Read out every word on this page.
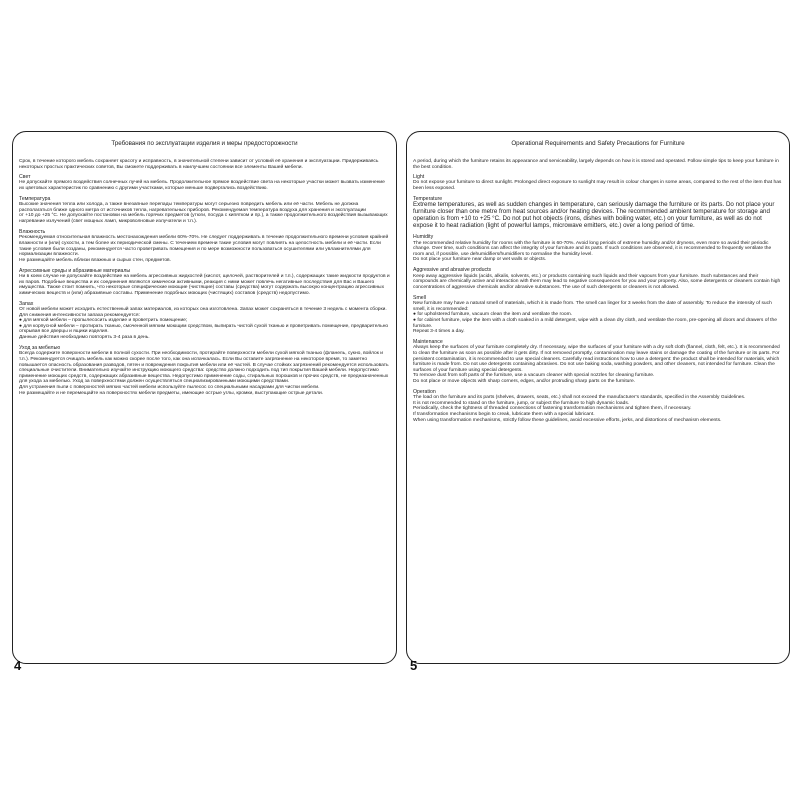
Требования по эксплуатации изделия и меры предосторожности
Срок, в течение которого мебель сохраняет красоту и исправность, в значительной степени зависит от условий её хранения и эксплуатации. Придерживаясь некоторых простых практических советов, Вы сможете поддерживать в наилучшем состоянии все элементы Вашей мебели.
Свет
Не допускайте прямого воздействия солнечных лучей на мебель. Продолжительное прямое воздействие света на некоторые участки может вызвать изменение их цветовых характеристик по сравнению с другими участками, которые меньше подвергались воздействию.
Температура
Высокие значения тепла или холода, а также внезапные перепады температуры могут серьезно повредить мебель или её части. Мебель не должна располагаться ближе одного метра от источников тепла, нагревательных приборов. Рекомендуемая температура воздуха для хранения и эксплуатации
от +10 до +25 °С. Не допускайте постановки на мебель горячих предметов (утюги, посуда с кипятком и пр.), а также продолжительного воздействия вызывающих нагревание излучений (свет мощных ламп, микроволновые излучатели и т.п.).
Влажность
Рекомендуемая относительная влажность местонахождения мебели 60%-70%. Не следует поддерживать в течение продолжительного времени условия крайней влажности и (или) сухости, а тем более их периодической смены. С течением времени такие условия могут повлиять на целостность мебели и её части. Если такие условия были созданы, рекомендуется часто проветривать помещения и по мере возможности пользоваться осушителями или увлажнителями для нормализации влажности.
Не размещайте мебель вблизи влажных и сырых стен, предметов.
Агрессивные среды и абразивные материалы
Ни в коем случае не допускайте воздействие на мебель агрессивных жидкостей (кислот, щелочей, растворителей и т.п.), содержащих такие жидкости продуктов и их паров. Подобные вещества и их соединения являются химически активными, реакция с ними может повлечь негативные последствия для Вас и Вашего имущества. Также стоит помнить, что некоторые специфические моющие (чистящие) составы (средства) могут содержать высокую концентрацию агрессивных химических веществ и (или) абразивные составы. Применение подобных моющих (чистящих) составов (средств) недопустимо.
Запах
От новой мебели может исходить естественный запах материалов, из которых она изготовлена. Запах может сохраняться в течение 3 недель с момента сборки. Для снижения интенсивности запаха рекомендуется:
● для мягкой мебели – пропылесосить изделие и проветрить помещение;
● для корпусной мебели – протирать тканью, смоченной мягким моющим средством, выпирать чистой сухой тканью и проветривать помещение, предварительно открывая все дверцы и ящики изделия.
Данные действия необходимо повторять 3-4 раза в день.
Уход за мебелью
Всегда содержите поверхности мебели в полной сухости. При необходимости, протирайте поверхности мебели сухой мягкой тканью (фланель, сукно, войлок и т.п.). Рекомендуется очищать мебель как можно скорее после того, как она испачкалась. Если Вы оставите загрязнение на некоторое время, то заметно повышается опасность образования разводов, пятен и повреждения покрытия мебели или её частей. В случае стойких загрязнений рекомендуется использовать специальные очистители. Внимательно изучайте инструкцию моющего средства: средство должно подходить под тип покрытия Вашей мебели. Недопустимо применение моющих средств, содержащих абразивные вещества. Недопустимо применение соды, стиральных порошков и прочих средств, не предназначенных для ухода за мебелью. Уход за поверхностями должен осуществляться специализированными моющими средствами.
Для устранения пыли с поверхностей мягких частей мебели используйте пылесос со специальными насадками для чистки мебели.
Не размещайте и не перемещайте на поверхностях мебели предметы, имеющие острые углы, кромки, выступающие острые детали.
Operational Requirements and Safety Precautions for Furniture
A period, during which the furniture retains its appearance and serviceability, largely depends on how it is stored and operated. Follow simple tips to keep your furniture in the best condition.
Light
Do not expose your furniture to direct sunlight. Prolonged direct exposure to sunlight may result in colour changes in some areas, compared to the rest of the item that has been less exposed.
Temperature
Extreme temperatures, as well as sudden changes in temperature, can seriously damage the furniture or its parts. Do not place your furniture closer than one metre from heat sources and/or heating devices. The recommended ambient temperature for storage and operation is from +10 to +25 °C. Do not put hot objects (irons, dishes with boiling water, etc.) on your furniture, as well as do not expose it to heat radiation (light of powerful lamps, microwave emitters, etc.) over a long period of time.
Humidity
The recommended relative humidity for rooms with the furniture is 60-70%. Avoid long periods of extreme humidity and/or dryness, even more so avoid their periodic change. Over time, such conditions can affect the integrity of your furniture and its parts. If such conditions are observed, it is recommended to frequently ventilate the room and, if possible, use dehumidifiers/humidifiers to normalise the humidity level.
Do not place your furniture near damp or wet walls or objects.
Aggressive and abrasive products
Keep away aggressive liquids (acids, alkalis, solvents, etc.) or products containing such liquids and their vapours from your furniture. Such substances and their compounds are chemically active and interaction with them may lead to negative consequences for you and your property. Also, some detergents or cleaners contain high concentrations of aggressive chemicals and/or abrasive substances. The use of such detergents or cleaners is not allowed.
Smell
New furniture may have a natural smell of materials, which it is made from. The smell can linger for 3 weeks from the date of assembly. To reduce the intensity of such smell, it is recommended:
● for upholstered furniture, vacuum clean the item and ventilate the room.
● for cabinet furniture, wipe the item with a cloth soaked in a mild detergent, wipe with a clean dry cloth, and ventilate the room, pre-opening all doors and drawers of the furniture.
Repeat 3-4 times a day.
Maintenance
Always keep the surfaces of your furniture completely dry. If necessary, wipe the surfaces of your furniture with a dry soft cloth (flannel, cloth, felt, etc.). It is recommended to clean the furniture as soon as possible after it gets dirty. If not removed promptly, contamination may leave stains or damage the coating of the furniture or its parts. For persistent contamination, it is recommended to use special cleaners. Carefully read instructions how to use a detergent: the product shall be intended for materials, which furniture is made from. Do not use detergents containing abrasives. Do not use baking soda, washing powders, and other cleaners, not intended for furniture. Clean the surfaces of your furniture using special detergents.
To remove dust from soft parts of the furniture, use a vacuum cleaner with special nozzles for cleaning furniture.
Do not place or move objects with sharp corners, edges, and/or protruding sharp parts on the furniture.
Operation
The load on the furniture and its parts (shelves, drawers, seats, etc.) shall not exceed the manufacturer's standards, specified in the Assembly Guidelines.
It is not recommended to stand on the furniture, jump, or subject the furniture to high dynamic loads.
Periodically, check the tightness of threaded connections of fastening transformation mechanisms and tighten them, if necessary.
If transformation mechanisms begin to creak, lubricate them with a special lubricant.
When using transformation mechanisms, strictly follow these guidelines, avoid excessive efforts, jerks, and distortions of mechanism elements.
4	5
